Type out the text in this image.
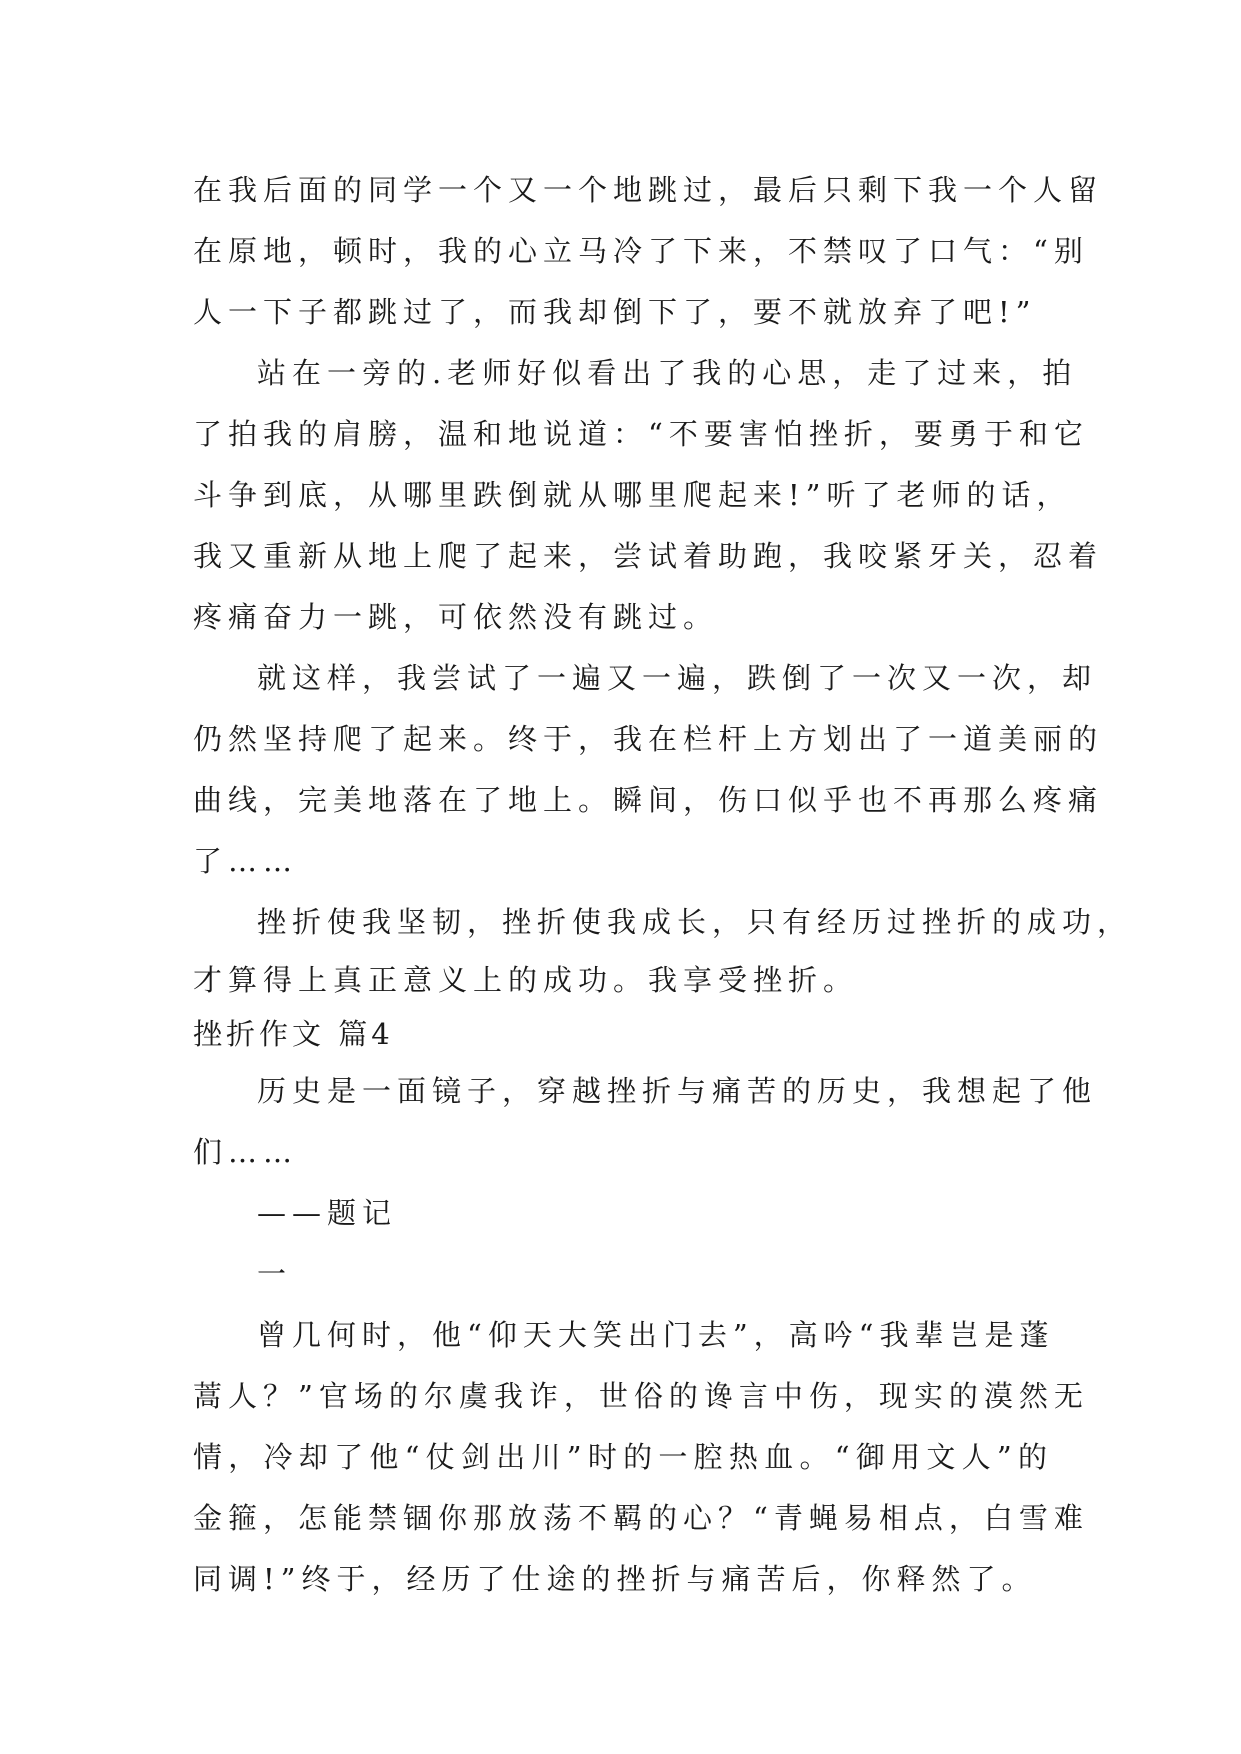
在我后面的同学一个又一个地跳过，最后只剩下我一个人留
在原地，顿时，我的心立马冷了下来，不禁叹了口气：“别
人一下子都跳过了，而我却倒下了，要不就放弃了吧!”
站在一旁的.老师好似看出了我的心思，走了过来，拍
了拍我的肩膀，温和地说道：“不要害怕挫折，要勇于和它
斗争到底，从哪里跌倒就从哪里爬起来!”听了老师的话，
我又重新从地上爬了起来，尝试着助跑，我咬紧牙关，忍着
疼痛奋力一跳，可依然没有跳过。
就这样，我尝试了一遍又一遍，跌倒了一次又一次，却
仍然坚持爬了起来。终于，我在栏杆上方划出了一道美丽的
曲线，完美地落在了地上。瞬间，伤口似乎也不再那么疼痛
了……
挫折使我坚韧，挫折使我成长，只有经历过挫折的成功，
才算得上真正意义上的成功。我享受挫折。
挫折作文 篇4
历史是一面镜子，穿越挫折与痛苦的历史，我想起了他
们……
——题记
一
曾几何时，他“仰天大笑出门去”，高吟“我辈岂是蓬
蒿人？”官场的尔虞我诈，世俗的谗言中伤，现实的漠然无
情，冷却了他“仗剑出川”时的一腔热血。“御用文人”的
金箍，怎能禁锢你那放荡不羁的心？“青蝇易相点，白雪难
同调!”终于，经历了仕途的挫折与痛苦后，你释然了。
